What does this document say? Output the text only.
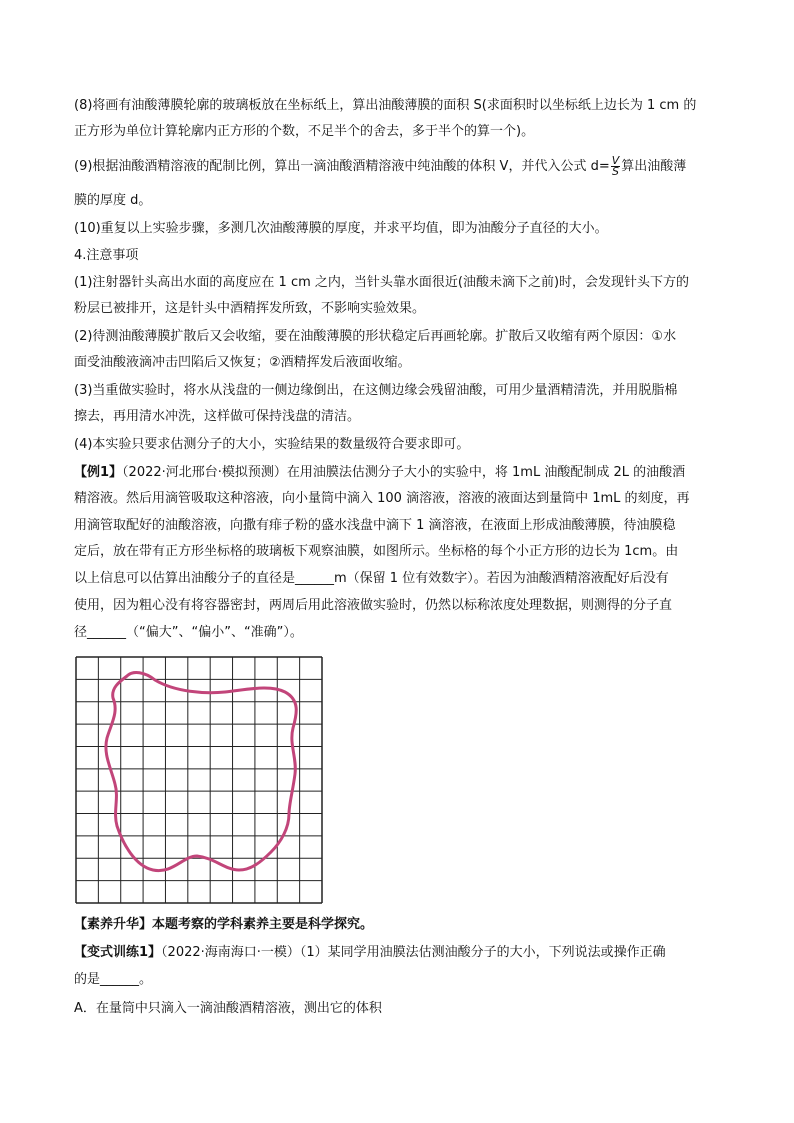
(8)将画有油酸薄膜轮廓的玻璃板放在坐标纸上，算出油酸薄膜的面积 S(求面积时以坐标纸上边长为 1 cm 的
正方形为单位计算轮廓内正方形的个数，不足半个的舍去，多于半个的算一个)。
(9)根据油酸酒精溶液的配制比例，算出一滴油酸酒精溶液中纯油酸的体积 V，并代入公式 $d= \frac{V}{S}$ 算出油酸薄
膜的厚度 d。
(10)重复以上实验步骤，多测几次油酸薄膜的厚度，并求平均值，即为油酸分子直径的大小。
4.注意事项
(1)注射器针头高出水面的高度应在 1 cm 之内，当针头靠水面很近(油酸未滴下之前)时，会发现针头下方的
粉层已被排开，这是针头中酒精挥发所致，不影响实验效果。
(2)待测油酸薄膜扩散后又会收缩，要在油酸薄膜的形状稳定后再画轮廓。扩散后又收缩有两个原因：①水
面受油酸液滴冲击凹陷后又恢复；②酒精挥发后液面收缩。
(3)当重做实验时，将水从浅盘的一侧边缘倒出，在这侧边缘会残留油酸，可用少量酒精清洗，并用脱脂棉
擦去，再用清水冲洗，这样做可保持浅盘的清洁。
(4)本实验只要求估测分子的大小，实验结果的数量级符合要求即可。
【例1】（2022·河北邢台·模拟预测）在用油膜法估测分子大小的实验中，将 1mL 油酸配制成 2L 的油酸酒
精溶液。然后用滴管吸取这种溶液，向小量筒中滴入 100 滴溶液，溶液的液面达到量筒中 1mL 的刻度，再
用滴管取配好的油酸溶液，向撒有痱子粉的盛水浅盘中滴下 1 滴溶液，在液面上形成油酸薄膜，待油膜稳
定后，放在带有正方形坐标格的玻璃板下观察油膜，如图所示。坐标格的每个小正方形的边长为 1cm。由
以上信息可以估算出油酸分子的直径是______m（保留 1 位有效数字）。若因为油酸酒精溶液配好后没有
使用，因为粗心没有将容器密封，两周后用此溶液做实验时，仍然以标称浓度处理数据，则测得的分子直
径______（“偏大”、“偏小”、“准确”）。
【素养升华】本题考察的学科素养主要是科学探究。
【变式训练1】（2022·海南海口·一模）（1）某同学用油膜法估测油酸分子的大小，下列说法或操作正确
的是______。
A．在量筒中只滴入一滴油酸酒精溶液，测出它的体积
